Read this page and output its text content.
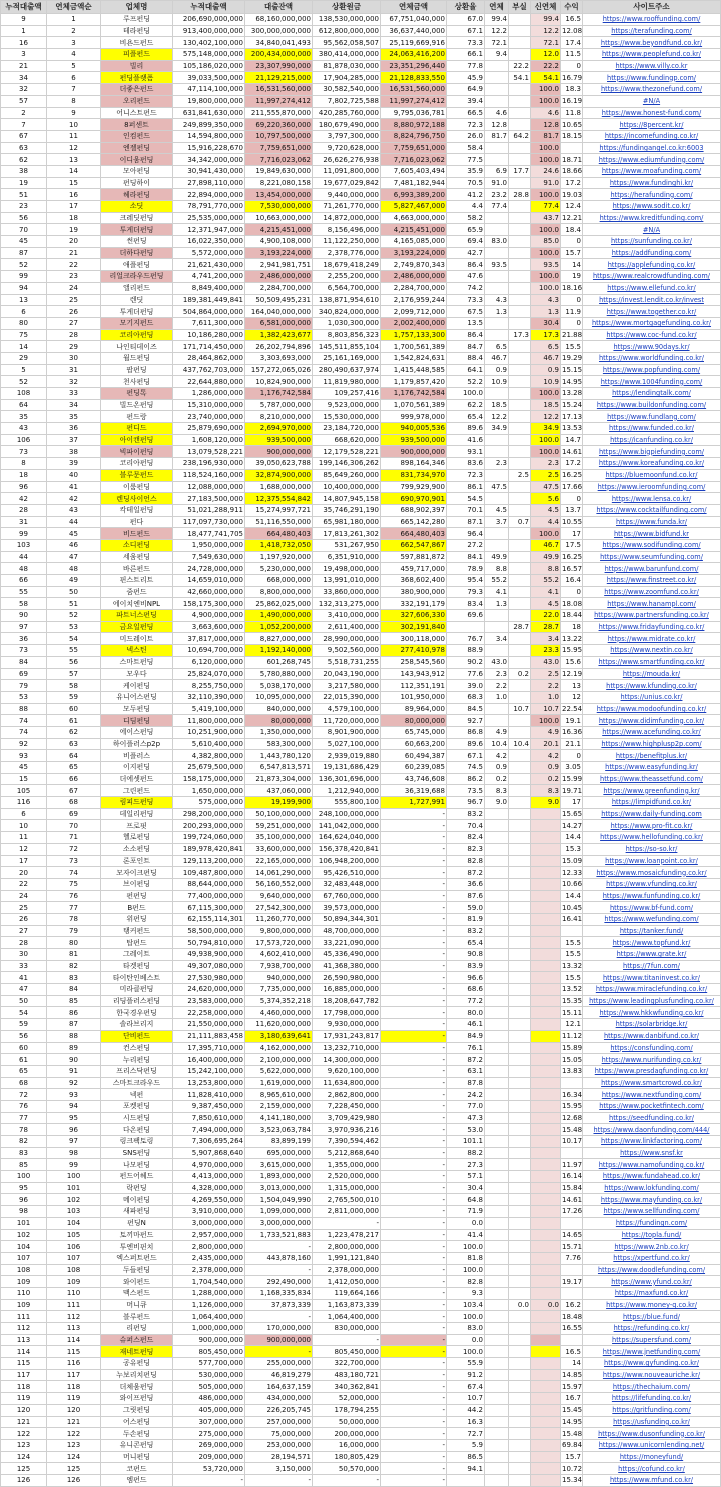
누적대출액	연체금액순	업체명	누적대출액	대출잔액	상환원금	연체금액	상환율	연체	부실	신연체	수익	사이트주소
9	1	루프펀딩	206,690,000,000	68,160,000,000	138,530,000,000	67,751,040,000	67.0	99.4		99.4	16.5	https://www.rooffunding.com/
1	2	테라펀딩	913,400,000,000	300,000,000,000	612,800,000,000	36,637,440,000	67.1	12.2		12.2	12.08	https://terafunding.com/
16	3	비욘드펀드	130,402,100,000	34,840,041,493	95,562,058,507	25,119,669,916	73.3	72.1		72.1	17.4	https://www.beyondfund.co.kr/
3	4	피플펀드	575,148,000,000	200,434,000,000	380,414,000,000	24,063,416,200	66.1	9.4		12.0	11.5	https://www.peoplefund.co.kr/
21	5	빌리	105,186,020,000	23,307,990,000	81,878,030,000	23,351,296,440	77.8		22.2	22.2	0	https://www.villy.co.kr
34	6	펀딩플랫폼	39,033,500,000	21,129,215,000	17,904,285,000	21,128,833,550	45.9		54.1	54.1	16.79	https://www.fundingp.com/
32	7	더좋은펀드	47,114,100,000	16,531,560,000	30,582,540,000	16,531,560,000	64.9			100.0	18.3	https://www.thezonefund.com/
57	8	오리펀드	19,800,000,000	11,997,274,412	7,802,725,588	11,997,274,412	39.4			100.0	16.19	#N/A
2	9	어니스트펀드	631,841,630,000	211,555,870,000	420,285,760,000	9,795,036,781	66.5	4.6		4.6	11.8	https://www.honest-fund.com/
7	10	8퍼센트	249,899,350,000	69,220,360,000	180,679,490,000	8,880,972,188	72.3	12.8		12.8	10.65	https://8percent.kr/
67	11	인컴펀드	14,594,800,000	10,797,500,000	3,797,300,000	8,824,796,750	26.0	81.7	64.2	81.7	18.15	https://incomefunding.co.kr/
63	12	엔젤펀딩	15,916,228,670	7,759,651,000	9,720,628,000	7,759,651,000	58.4			100.0		https://fundingangel.co.kr:6003
62	13	이디움펀딩	34,342,000,000	7,716,023,062	26,626,276,938	7,716,023,062	77.5			100.0	18.71	https://www.ediumfunding.com/
38	14	모아펀딩	30,941,430,000	19,849,630,000	11,091,800,000	7,605,403,494	35.9	6.9	17.7	24.6	18.66	https://www.moafunding.com/
19	15	펀딩하이	27,898,110,000	8,221,080,158	19,677,029,842	7,481,182,944	70.5	91.0		91.0	17.2	https://www.fundinghi.kr/
51	16	헤라펀딩	22,894,000,000	13,454,000,000	9,440,000,000	6,993,389,200	41.2	23.2	28.8	100.0	19.03	https://herafunding.com/
23	17	소딧	78,791,770,000	7,530,000,000	71,261,770,000	5,827,467,000	4.4	77.4		77.4	12.4	https://www.sodit.co.kr/
56	18	크레딧펀딩	25,535,000,000	10,663,000,000	14,872,000,000	4,663,000,000	58.2			43.7	12.21	https://www.kreditfunding.com/
70	19	투게더펀딩	12,371,947,000	4,215,451,000	8,156,496,000	4,215,451,000	65.9			100.0	18.4	#N/A
45	20	썬펀딩	16,022,350,000	4,900,108,000	11,122,250,000	4,165,085,000	69.4	83.0		85.0	0	https://sunfunding.co.kr/
87	21	더하다펀딩	5,572,000,000	3,193,224,000	2,378,776,000	3,193,224,000	42.7			100.0	15.7	https://addfunding.com/
52	22	애플펀딩	21,621,430,000	2,941,981,751	18,679,418,249	2,749,870,343	86.4	93.5		93.5	14	https://applefunding.co.kr/
99	23	리얼크라우드펀딩	4,741,200,000	2,486,000,000	2,255,200,000	2,486,000,000	47.6			100.0	19	https://www.realcrowdfunding.com/
94	24	앨리펀드	8,849,400,000	2,284,700,000	6,564,700,000	2,284,700,000	74.2			100.0	18.16	https://www.ellefund.co.kr/
13	25	렌딧	189,381,449,841	50,509,495,231	138,871,954,610	2,176,959,244	73.3	4.3		4.3	0	https://invest.lendit.co.kr/invest
6	26	투게더펀딩	504,864,000,000	164,040,000,000	340,824,000,000	2,099,712,000	67.5	1.3		1.3	11.9	https://www.together.co.kr/
80	27	모기지펀드	7,611,300,000	6,581,000,000	1,030,300,000	2,002,400,000	13.5			30.4	0	https://www.mortgagefunding.co.kr/
75	28	코리아펀딩	10,186,280,000	1,382,423,677	8,803,856,323	1,757,133,300	86.4		17.3	17.3	21.88	https://www.coc-fund.co.kr/
14	29	나인티데이즈	171,714,450,000	26,202,794,896	145,511,855,104	1,700,561,389	84.7	6.5		6.5	15.5	https://www.90days.kr/
29	30	월드펀딩	28,464,862,000	3,303,693,000	25,161,169,000	1,542,824,631	88.4	46.7		46.7	19.29	https://www.worldfunding.co.kr/
5	31	팝펀딩	437,762,703,000	157,272,065,026	280,490,637,974	1,415,448,585	64.1	0.9		0.9	15.15	https://www.popfunding.com/
52	32	천사펀딩	22,644,880,000	10,824,900,000	11,819,980,000	1,179,857,420	52.2	10.9		10.9	14.95	https://www.1004funding.com/
108	33	펀딩톡	1,286,000,000	1,176,742,584	109,257,416	1,176,742,584	100.0			100.0	13.28	https://lendingtalk.com/
64	34	빌드온펀딩	15,310,000,000	5,787,000,000	9,523,000,000	1,070,561,389	62.2	18.5		18.5	15.24	https://www.buildonfunding.com/
35	35	펀드랑	23,740,000,000	8,210,000,000	15,530,000,000	999,978,000	65.4	12.2		12.2	17.13	https://www.fundlang.com/
43	36	펀디드	25,879,690,000	2,694,970,000	23,184,720,000	940,005,536	89.6	34.9		34.9	13.53	https://www.funded.co.kr/
106	37	아이캔펀딩	1,608,120,000	939,500,000	668,620,000	939,500,000	41.6			100.0	14.7	https://icanfunding.co.kr/
73	38	빅파이펀딩	13,079,528,221	900,000,000	12,179,528,221	900,000,000	93.1			100.0	14.61	https://www.bigpiefunding.com/
8	39	코리아펀딩	238,196,930,000	39,050,623,788	199,146,306,262	898,164,346	83.6	2.3		2.3	17.2	https://www.koreafunding.co.kr/
18	40	블루문펀드	118,524,160,000	32,874,900,000	85,649,260,000	831,734,970	72.3		2.5	2.5	16.25	https://bluemoonfund.co.kr/
96	41	이룸펀딩	12,088,000,000	1,688,000,000	10,400,000,000	799,929,900	86.1	47.5		47.5	17.66	https://www.ieroomfunding.com/
42	42	렌딩사이언스	27,183,500,000	12,375,554,842	14,807,945,158	690,970,901	54.5			5.6	0	https://www.lensa.co.kr/
28	43	칵테일펀딩	51,021,288,911	15,274,997,721	35,746,291,190	688,902,397	70.1	4.5		4.5	13.7	https://www.cocktailfunding.com/
31	44	펀다	117,097,730,000	51,116,550,000	65,981,180,000	665,142,280	87.1	3.7	0.7	4.4	10.55	https://www.funda.kr/
99	45	비드펀드	18,477,741,705	664,480,403	17,813,261,302	664,480,403	96.4			100.0	17	https://www.bidfund.kr
103	46	소디펀딩	1,950,000,000	1,418,732,050	531,267,950	662,547,867	27.2			46.7	17.5	https://www.sodifunding.com/
44	47	세움펀딩	7,549,630,000	1,197,920,000	6,351,910,000	597,881,872	84.1	49.9		49.9	16.25	https://www.seumfunding.com/
48	48	바른펀드	24,728,000,000	5,230,000,000	19,498,000,000	459,717,000	78.9	8.8		8.8	16.57	https://www.barunfund.com/
66	49	핀스트리트	14,659,010,000	668,000,000	13,991,010,000	368,602,400	95.4	55.2		55.2	16.4	https://www.finstreet.co.kr/
55	50	줌펀드	42,660,000,000	8,800,000,000	33,860,000,000	380,900,000	79.3	4.1		4.1	0	https://www.zoomfund.co.kr/
58	51	에이치엔비NPL	158,175,300,000	25,862,025,000	132,313,275,000	332,191,179	83.4	1.3		4.5	18.08	https://www.hanampl.com/
90	52	파트너스펀딩	4,900,000,000	1,490,000,000	3,410,000,000	327,606,330	69.6			22.0	18.44	https://www.partnersfunding.co.kr/
97	53	금요일펀딩	3,663,600,000	1,052,200,000	2,611,400,000	302,191,840			28.7	28.7	18	https://www.fridayfunding.co.kr/
36	54	미드레이트	37,817,000,000	8,827,000,000	28,990,000,000	300,118,000	76.7	3.4		3.4	13.22	https://www.midrate.co.kr/
73	55	넥스틴	10,694,700,000	1,192,140,000	9,502,560,000	277,410,978	88.9			23.3	15.95	https://www.nextin.co.kr/
84	56	스마트펀딩	6,120,000,000	601,268,745	5,518,731,255	258,545,560	90.2	43.0		43.0	15.6	https://www.smartfunding.co.kr/
69	57	모우다	25,824,070,000	5,780,880,000	20,043,190,000	143,943,912	77.6	2.3	0.2	2.5	12.19	https://mouda.kr/
79	58	케이펀딩	8,255,750,000	5,038,170,000	3,217,580,000	112,351,191	39.0	2.2		2.2	13	https://www.kfunding.co.kr/
53	59	유니어스펀딩	32,110,390,000	10,095,000,000	22,015,390,000	101,950,000	68.3	1.0		1.0	12	https://unius.co.kr/
88	60	모두펀딩	5,419,100,000	840,000,000	4,579,100,000	89,964,000	84.5		10.7	10.7	22.54	https://www.modoofunding.co.kr/
74	61	디딤펀딩	11,800,000,000	80,000,000	11,720,000,000	80,000,000	92.7			100.0	19.1	https://www.didimfunding.co.kr/
74	62	에이스펀딩	10,251,900,000	1,350,000,000	8,901,900,000	65,745,000	86.8	4.9		4.9	16.36	https://www.acefunding.co.kr/
92	63	하이플러스p2p	5,610,400,000	583,300,000	5,027,100,000	60,663,200	89.6	10.4	10.4	20.1	21.1	https://www.highplusp2p.com/
93	64	비플러스	4,382,800,000	1,443,780,120	2,939,019,880	60,494,387	67.1	4.2		4.2	0	https://benefitplus.kr/
45	65	이지펀딩	25,679,500,000	6,547,813,571	19,131,686,429	60,239,085	74.5	0.9		0.9	3.05	https://www.easyfunding.kr/
15	66	더에셋펀드	158,175,000,000	21,873,304,000	136,301,696,000	43,746,608	86.2	0.2		0.2	15.99	https://www.theassetfund.com/
105	67	그린펀드	1,650,000,000	437,060,000	1,212,940,000	36,319,688	73.5	8.3		8.3	19.71	https://www.greenfunding.kr/
116	68	림피드펀딩	575,000,000	19,199,900	555,800,100	1,727,991	96.7	9.0		9.0	17	https://limpidfund.co.kr/
6	69	데일리펀딩	298,200,000,000	50,100,000,000	248,100,000,000	-	83.2				15.65	https://www.daily-funding.com
10	70	프로핏	200,293,000,000	59,251,000,000	141,042,000,000	-	70.4				14.27	https://www.pro-fit.co.kr/
11	71	헬로펀딩	199,724,060,000	35,100,000,000	164,624,040,000	-	82.4				14.4	https://www.hellofunding.co.kr/
12	72	소소펀딩	189,978,420,841	33,600,000,000	156,378,420,841	-	82.3				15.3	https://so-so.kr/
17	73	론포인트	129,113,200,000	22,165,000,000	106,948,200,000	-	82.8				15.09	https://www.loanpoint.co.kr/
20	74	모자이크펀딩	109,487,800,000	14,061,290,000	95,426,510,000	-	87.2				12.33	https://www.mosaicfunding.co.kr/
22	75	브이펀딩	88,644,000,000	56,160,552,000	32,483,448,000	-	36.6				10.66	https://www.vfunding.co.kr/
24	76	펀펀딩	77,400,000,000	9,640,000,000	67,760,000,000	-	87.6				14.4	https://www.funfunding.co.kr/
25	77	B펀드	67,115,300,000	27,542,300,000	39,573,000,000	-	59.0				10.45	https://www.bf-fund.com/
26	78	위펀딩	62,155,114,301	11,260,770,000	50,894,344,301	-	81.9				16.41	https://www.wefunding.com/
27	79	탱커펀드	58,500,000,000	9,800,000,000	48,700,000,000	-	83.2					https://tanker.fund/
28	80	탑펀드	50,794,810,000	17,573,720,000	33,221,090,000	-	65.4				15.5	https://www.topfund.kr/
30	81	그레이트	49,938,900,000	4,602,410,000	45,336,490,000	-	90.8				15.5	https://www.grate.kr/
33	82	타겟펀딩	49,307,080,000	7,938,700,000	41,368,380,000	-	83.9				13.32	https://7fun.com/
41	83	타이탄인베스트	27,530,980,000	940,000,000	26,590,980,000	-	96.6				15.5	https://www.titaninvest.co.kr/
47	84	미라클펀딩	24,620,000,000	7,735,000,000	16,885,000,000	-	68.6				13.52	https://www.miraclefunding.co.kr/
50	85	리딩플러스펀딩	23,583,000,000	5,374,352,218	18,208,647,782	-	77.2				15.35	https://www.leadingplusfunding.co.kr/
54	86	한국경우펀딩	22,258,000,000	4,460,000,000	17,798,000,000	-	80.0				15.11	https://www.hkkwfunding.co.kr/
59	87	솔라브리지	21,550,000,000	11,620,000,000	9,930,000,000	-	46.1				12.1	https://solarbridge.kr/
56	88	단비펀드	21,111,883,458	3,180,639,641	17,931,243,817	-	84.9				11.12	https://www.danbifund.co.kr/
60	89	컨스펀딩	17,395,710,000	4,162,000,000	13,232,710,000	-	76.1				15.89	https://consfunding.com/
61	90	누리펀딩	16,400,000,000	2,100,000,000	14,300,000,000	-	87.2				15.05	https://www.nurifunding.co.kr/
65	91	프리스닥펀딩	15,242,100,000	5,622,000,000	9,620,100,000	-	63.1				13.83	https://www.presdaqfunding.co.kr/
68	92	스마트크라우드	13,253,800,000	1,619,000,000	11,634,800,000	-	87.8					https://www.smartcrowd.co.kr/
72	93	넥펀	11,828,410,000	8,965,610,000	2,862,800,000	-	24.2				16.34	https://www.nextfunding.com/
76	94	포켓펀딩	9,387,450,000	2,159,000,000	7,228,450,000	-	77.0				15.95	https://www.pocketfintech.com/
77	95	시드펀딩	7,850,610,000	4,141,180,000	3,709,429,980	-	47.3				12.68	https://seedfunding.co.kr/
78	96	다온펀딩	7,494,000,000	3,523,063,784	3,970,936,216	-	53.0				15.48	https://www.daonfunding.com/444/
82	97	링크팩토링	7,306,695,264	83,899,199	7,390,594,462	-	101.1				10.17	https://www.linkfactoring.com/
83	98	SNS펀딩	5,907,868,640	695,000,000	5,212,868,640	-	88.2					https://www.snsf.kr
85	99	나모펀딩	4,970,000,000	3,615,000,000	1,355,000,000	-	27.3				11.97	https://www.namofunding.co.kr/
100	100	펀드어헤드	4,413,000,000	1,893,000,000	2,520,000,000	-	57.1				16.14	https://www.fundahead.co.kr/
95	101	락펀딩	4,328,000,000	3,013,000,000	1,315,000,000	-	30.4				15.84	https://www.lokfunding.com/
96	102	메이펀딩	4,269,550,000	1,504,049,990	2,765,500,010	-	64.8				14.61	https://www.mayfunding.co.kr/
98	103	새파펀딩	3,910,000,000	1,099,000,000	2,811,000,000	-	71.9				17.26	https://www.sellfunding.com/
101	104	펀딩N	3,000,000,000	3,000,000,000	-	-	0.0					https://fundingn.com/
102	105	토끼마펀드	2,957,000,000	1,733,521,883	1,223,478,217	-	41.4				14.65	https://topla.fund/
104	106	투엔비핀치	2,800,000,000	-	2,800,000,000	-	100.0				15.71	https://www.2nb.co.kr/
107	107	엑스퍼트펀드	2,435,000,000	443,878,160	1,991,121,840	-	81.8				7.76	https://xpertfund.co.kr/
108	108	두들펀딩	2,378,000,000	-	2,378,000,000	-	100.0					https://www.doodlefunding.com/
109	109	와이펀드	1,704,540,000	292,490,000	1,412,050,000	-	82.8				19.17	https://www.yfund.co.kr/
110	110	맥스펀드	1,288,000,000	1,168,335,834	119,664,166	-	9.3					https://maxfund.co.kr/
109	111	머니큐	1,126,000,000	37,873,339	1,163,873,339	-	103.4		0.0	0.0	16.2	https://www.money-q.co.kr/
111	112	블루펀드	1,064,400,000	-	1,064,400,000	-	100.0				18.48	https://blue.fund/
112	113	리펀딩	1,000,000,000	170,000,000	830,000,000	-	83.0				16.55	https://refunding.co.kr/
113	114	슈퍼스펀드	900,000,000	900,000,000	-	-	0.0					https://supersfund.com/
114	115	재네트펀딩	805,450,000	-	805,450,000	-	100.0				16.5	https://www.jnetfunding.com/
115	116	공유펀딩	577,700,000	255,000,000	322,700,000	-	55.9				14	https://www.gyfunding.co.kr/
117	117	누보리치펀딩	530,000,000	46,819,279	483,180,721	-	91.2				14.85	https://www.nouveaurichе.kr/
118	118	더체움펀딩	505,000,000	164,637,159	340,362,841	-	67.4				15.97	https://thechaium.com/
119	119	와이프펀딩	486,000,000	434,000,000	52,000,000	-	10.7				16.7	https://lifefunding.co.kr/
120	120	그릿펀딩	405,000,000	226,205,745	178,794,255	-	44.2				15.45	https://gritfunding.com/
121	121	어스펀딩	307,000,000	257,000,000	50,000,000	-	16.3				14.95	https://usfunding.co.kr/
122	122	두손펀딩	275,000,000	75,000,000	200,000,000	-	72.7				15.48	https://www.dusonfunding.co.kr/
123	123	유니콘펀딩	269,000,000	253,000,000	16,000,000	-	5.9				69.84	https://www.unicornlending.net/
124	124	머니펀딩	209,000,000	28,194,571	180,805,429	-	86.5				15.7	https://moneyfund/
125	125	코펀드	53,720,000	3,150,000	50,570,000	-	94.1				10.72	https://cofund.co.kr/
126	126	엠펀드	-	-	-	-					15.34	https://www.mfund.co.kr/
